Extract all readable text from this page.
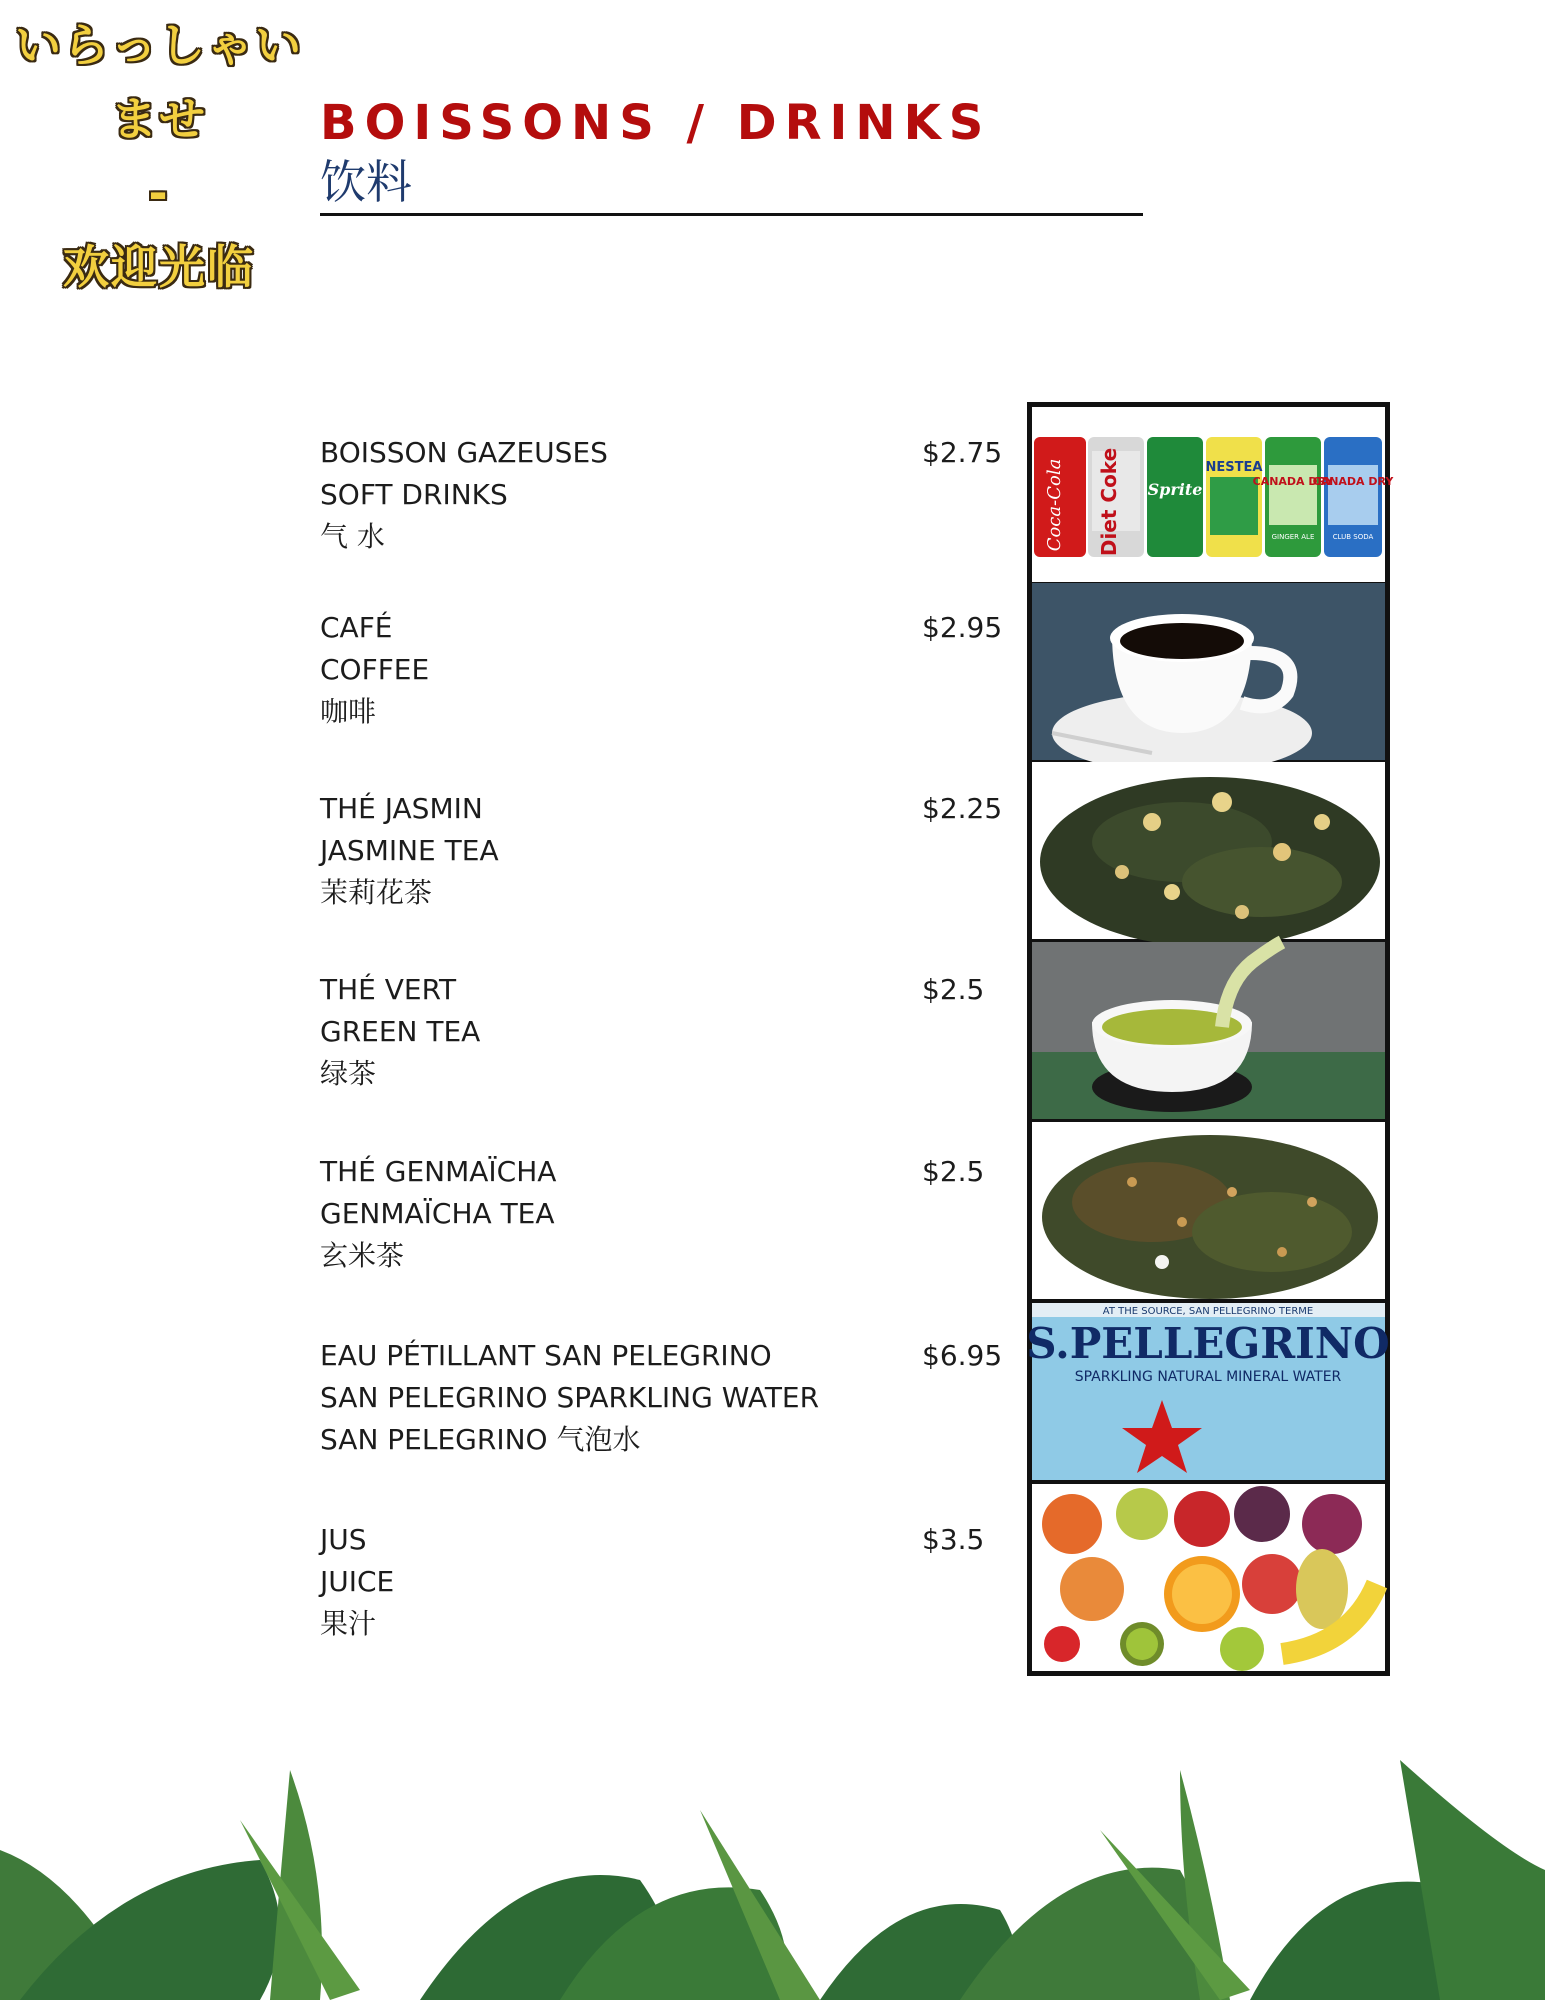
いらっしゃい
ませ
-
欢迎光临
BOISSONS / DRINKS
饮料
BOISSON GAZEUSES
SOFT DRINKS
气 水
$2.75
CAFÉ
COFFEE
咖啡
$2.95
THÉ JASMIN
JASMINE TEA
茉莉花茶
$2.25
THÉ VERT
GREEN TEA
绿茶
$2.5
THÉ GENMAÏCHA
GENMAÏCHA TEA
玄米茶
$2.5
EAU PÉTILLANT SAN PELEGRINO
SAN PELEGRINO SPARKLING WATER
SAN PELEGRINO 气泡水
$6.95
JUS
JUICE
果汁
$3.5
Coca-Cola Diet Coke Sprite
NESTEA
CANADA DRY
GINGER ALE
CANADA DRY
CLUB SODA
AT THE SOURCE, SAN PELLEGRINO TERME
S.PELLEGRINO
SPARKLING NATURAL MINERAL WATER
